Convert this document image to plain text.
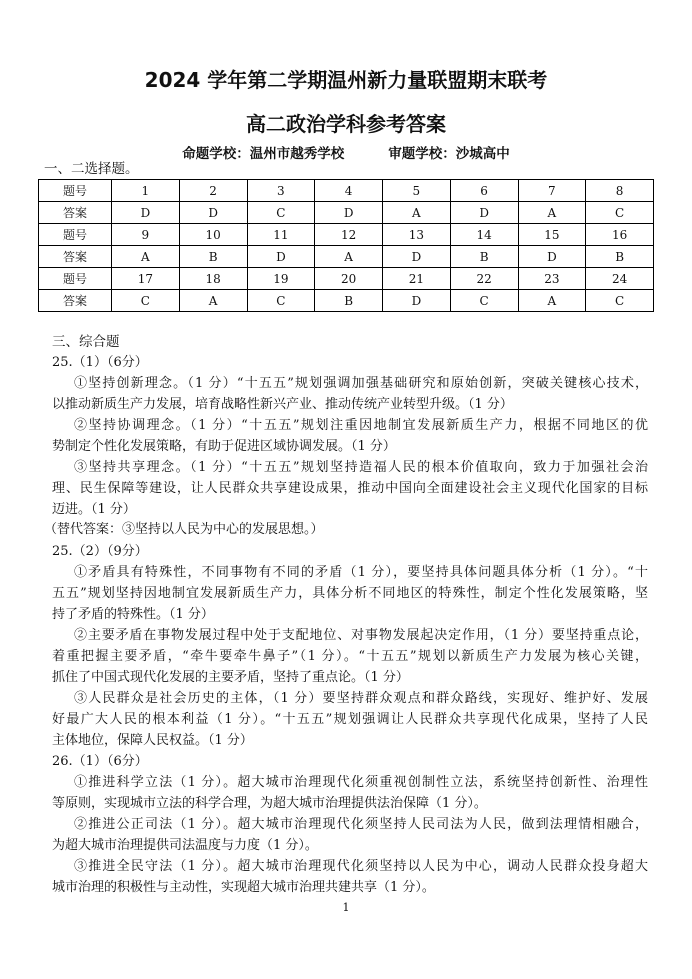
2024 学年第二学期温州新力量联盟期末联考
高二政治学科参考答案
命题学校：温州市越秀学校	审题学校：沙城高中
一、二选择题。
题号	1	2	3	4	5	6	7	8
答案	D	D	C	D	A	D	A	C
题号	9	10	11	12	13	14	15	16
答案	A	B	D	A	D	B	D	B
题号	17	18	19	20	21	22	23	24
答案	C	A	C	B	D	C	A	C
三、综合题
25.（1）（6分）
①坚持创新理念。（1 分）“十五五”规划强调加强基础研究和原始创新，突破关键核心技术，
以推动新质生产力发展，培育战略性新兴产业、推动传统产业转型升级。（1 分）
②坚持协调理念。（1 分）“十五五”规划注重因地制宜发展新质生产力，根据不同地区的优
势制定个性化发展策略，有助于促进区域协调发展。（1 分）
③坚持共享理念。（1 分）“十五五”规划坚持造福人民的根本价值取向，致力于加强社会治
理、民生保障等建设，让人民群众共享建设成果，推动中国向全面建设社会主义现代化国家的目标
迈进。（1 分）
（替代答案：③坚持以人民为中心的发展思想。）
25.（2）（9分）
①矛盾具有特殊性，不同事物有不同的矛盾（1 分），要坚持具体问题具体分析（1 分）。“十
五五”规划坚持因地制宜发展新质生产力，具体分析不同地区的特殊性，制定个性化发展策略，坚
持了矛盾的特殊性。（1 分）
②主要矛盾在事物发展过程中处于支配地位、对事物发展起决定作用，（1 分）要坚持重点论，
着重把握主要矛盾，“牵牛要牵牛鼻子”（1 分）。“十五五”规划以新质生产力发展为核心关键，
抓住了中国式现代化发展的主要矛盾，坚持了重点论。（1 分）
③人民群众是社会历史的主体，（1 分）要坚持群众观点和群众路线，实现好、维护好、发展
好最广大人民的根本利益（1 分）。“十五五”规划强调让人民群众共享现代化成果，坚持了人民
主体地位，保障人民权益。（1 分）
26.（1）（6分）
①推进科学立法（1 分）。超大城市治理现代化须重视创制性立法，系统坚持创新性、治理性
等原则，实现城市立法的科学合理，为超大城市治理提供法治保障（1 分）。
②推进公正司法（1 分）。超大城市治理现代化须坚持人民司法为人民，做到法理情相融合，
为超大城市治理提供司法温度与力度（1 分）。
③推进全民守法（1 分）。超大城市治理现代化须坚持以人民为中心，调动人民群众投身超大
城市治理的积极性与主动性，实现超大城市治理共建共享（1 分）。
1
